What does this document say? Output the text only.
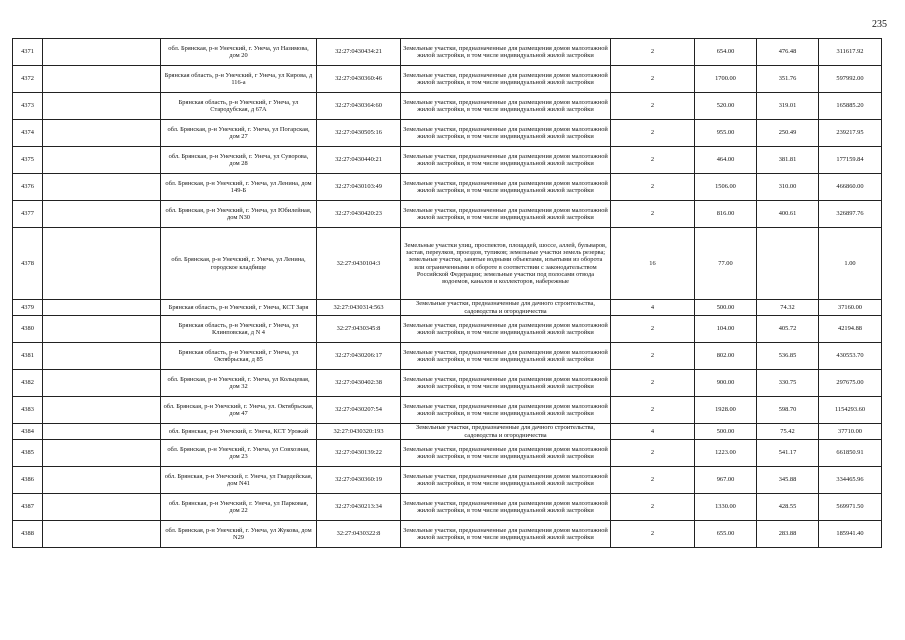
235
4371		обл. Брянская, р-н Унечский, г. Унеча, ул Назимова, дом 20	32:27:0430434:21	Земельные участки, предназначенные для размещения домов малоэтажной жилой застройки, в том числе индивидуальной жилой застройки	2	654.00	476.48	311617.92
4372		Брянская область, р-н Унечский, г Унеча, ул Кирова, д 116-а	32:27:0430360:46	Земельные участки, предназначенные для размещения домов малоэтажной жилой застройки, в том числе индивидуальной жилой застройки	2	1700.00	351.76	597992.00
4373		Брянская область, р-н Унечский, г Унеча, ул Стародубская, д 67А	32:27:0430364:60	Земельные участки, предназначенные для размещения домов малоэтажной жилой застройки, в том числе индивидуальной жилой застройки	2	520.00	319.01	165885.20
4374		обл. Брянская, р-н Унечский, г. Унеча, ул Погарская, дом 27	32:27:0430505:16	Земельные участки, предназначенные для размещения домов малоэтажной жилой застройки, в том числе индивидуальной жилой застройки	2	955.00	250.49	239217.95
4375		обл. Брянская, р-н Унечский, г. Унеча, ул Суворова, дом 28	32:27:0430440:21	Земельные участки, предназначенные для размещения домов малоэтажной жилой застройки, в том числе индивидуальной жилой застройки	2	464.00	381.81	177159.84
4376		обл. Брянская, р-н Унечский, г. Унеча, ул Ленина, дом 149-Б	32:27:0430103:49	Земельные участки, предназначенные для размещения домов малоэтажной жилой застройки, в том числе индивидуальной жилой застройки	2	1506.00	310.00	466860.00
4377		обл. Брянская, р-н Унечский, г. Унеча, ул Юбилейная, дом N30	32:27:0430420:23	Земельные участки, предназначенные для размещения домов малоэтажной жилой застройки, в том числе индивидуальной жилой застройки	2	816.00	400.61	326897.76
4378		обл. Брянская, р-н Унечский, г. Унеча, ул Ленина, городское кладбище	32:27:0430104:3	Земельные участки улиц, проспектов, площадей, шоссе, аллей, бульваров, застав, переулков, проездов, тупиков; земельные участки земель резерва; земельные участки, занятые водными объектами, изъятыми из оборота или ограниченными в обороте в соответствии с законодательством Российской Федерации; земельные участки под полосами отвода водоемов, каналов и коллекторов, набережные	16	77.00		1.00
4379		Брянская область, р-н Унечский, г Унеча, КСТ Заря	32:27:0430314:563	Земельные участки, предназначенные для дачного строительства, садоводства и огородничества	4	500.00	74.32	37160.00
4380		Брянская область, р-н Унечский, г Унеча, ул Клинповская, д N 4	32:27:0430345:8	Земельные участки, предназначенные для размещения домов малоэтажной жилой застройки, в том числе индивидуальной жилой застройки	2	104.00	405.72	42194.88
4381		Брянская область, р-н Унечский, г Унеча, ул Октябрьская, д 85	32:27:0430206:17	Земельные участки, предназначенные для размещения домов малоэтажной жилой застройки, в том числе индивидуальной жилой застройки	2	802.00	536.85	430553.70
4382		обл. Брянская, р-н Унечский, г. Унеча, ул Кольцевая, дом 32	32:27:0430402:38	Земельные участки, предназначенные для размещения домов малоэтажной жилой застройки, в том числе индивидуальной жилой застройки	2	900.00	330.75	297675.00
4383		обл. Брянская, р-н Унечский, г. Унеча, ул. Октябрьская, дом 47	32:27:0430207:54	Земельные участки, предназначенные для размещения домов малоэтажной жилой застройки, в том числе индивидуальной жилой застройки	2	1928.00	598.70	1154293.60
4384		обл. Брянская, р-н Унечский, г. Унеча, КСТ Урожай	32:27:0430320:193	Земельные участки, предназначенные для дачного строительства, садоводства и огородничества	4	500.00	75.42	37710.00
4385		обл. Брянская, р-н Унечский, г. Унеча, ул Совхозная, дом 23	32:27:0430139:22	Земельные участки, предназначенные для размещения домов малоэтажной жилой застройки, в том числе индивидуальной жилой застройки	2	1223.00	541.17	661850.91
4386		обл. Брянская, р-н Унечский, г. Унеча, ул Гвардейская, дом N41	32:27:0430360:19	Земельные участки, предназначенные для размещения домов малоэтажной жилой застройки, в том числе индивидуальной жилой застройки	2	967.00	345.88	334465.96
4387		обл. Брянская, р-н Унечский, г. Унеча, ул Парковая, дом 22	32:27:0430213:34	Земельные участки, предназначенные для размещения домов малоэтажной жилой застройки, в том числе индивидуальной жилой застройки	2	1330.00	428.55	569971.50
4388		обл. Брянская, р-н Унечский, г. Унеча, ул Жукова, дом N29	32:27:0430322:8	Земельные участки, предназначенные для размещения домов малоэтажной жилой застройки, в том числе индивидуальной жилой застройки	2	655.00	283.88	185941.40
